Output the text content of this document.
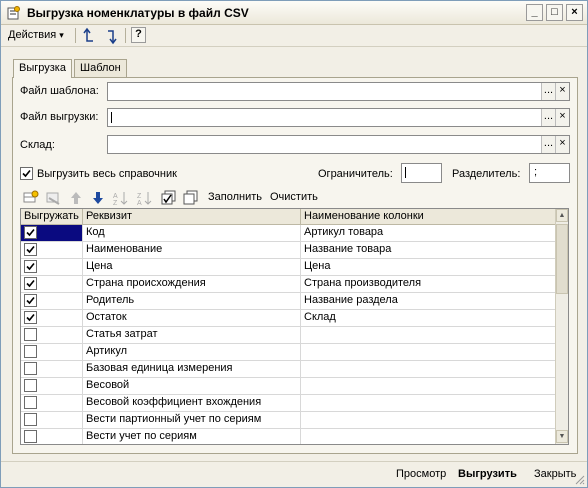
Выгрузка номенклатуры в файл CSV	_	□	×
Действия ▾	?
Выгрузка	Шаблон
Файл шаблона:	... ×
Файл выгрузки:	... ×
Склад:	... ×
Выгрузить весь справочник	Ограничитель:	Разделитель:	;
A
Z
Z
A
Заполнить Очистить
Выгружать Реквизит	Наименование колонки
Код	Артикул товара
Наименование	Название товара
Цена	Цена
Страна происхождения	Страна производителя
Родитель	Название раздела
Остаток	Склад
Статья затрат
Артикул
Базовая единица измерения
Весовой
Весовой коэффициент вхождения
Вести партионный учет по сериям
Вести учет по сериям
▲
▼
Просмотр Выгрузить Закрыть
